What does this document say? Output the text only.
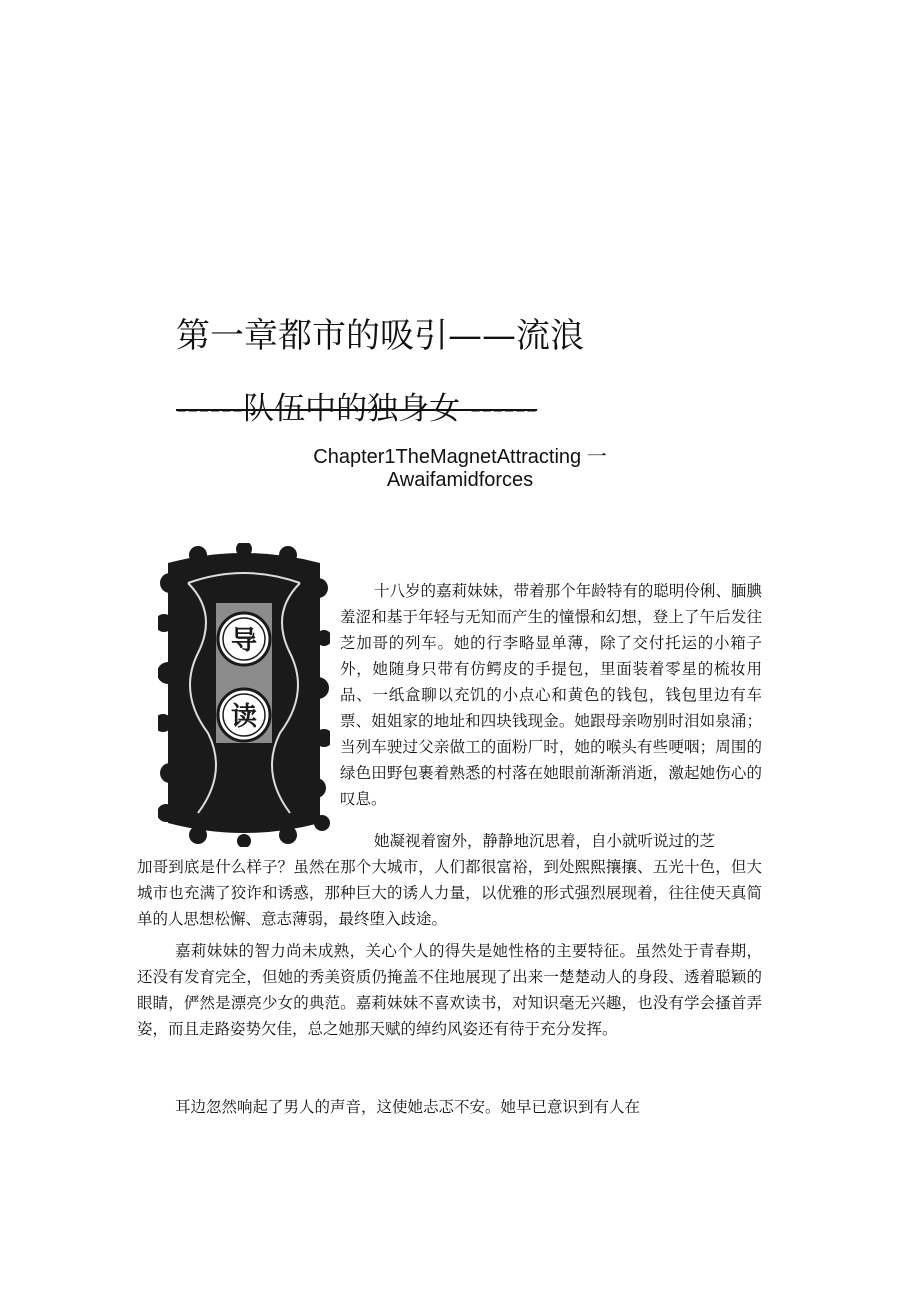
第一章都市的吸引——流浪
------队伍中的独身女 ------
Chapter1TheMagnetAttracting 一
Awaifamidforces
导
读
十八岁的嘉莉妹妹，带着那个年龄特有的聪明伶俐、腼腆羞涩和基于年轻与无知而产生的憧憬和幻想，登上了午后发往芝加哥的列车。她的行李略显单薄，除了交付托运的小箱子外，她随身只带有仿鳄皮的手提包，里面装着零星的梳妆用品、一纸盒聊以充饥的小点心和黄色的钱包，钱包里边有车票、姐姐家的地址和四块钱现金。她跟母亲吻别时泪如泉涌；当列车驶过父亲做工的面粉厂时，她的喉头有些哽咽；周围的绿色田野包裹着熟悉的村落在她眼前渐渐消逝，激起她伤心的叹息。
她凝视着窗外，静静地沉思着，自小就听说过的芝
加哥到底是什么样子？虽然在那个大城市，人们都很富裕，到处熙熙攘攘、五光十色，但大城市也充满了狡诈和诱惑，那种巨大的诱人力量，以优雅的形式强烈展现着，往往使天真简单的人思想松懈、意志薄弱，最终堕入歧途。
嘉莉妹妹的智力尚未成熟，关心个人的得失是她性格的主要特征。虽然处于青春期，还没有发育完全，但她的秀美资质仍掩盖不住地展现了出来一楚楚动人的身段、透着聪颖的眼睛，俨然是漂亮少女的典范。嘉莉妹妹不喜欢读书，对知识毫无兴趣，也没有学会搔首弄姿，而且走路姿势欠佳，总之她那天赋的绰约风姿还有待于充分发挥。
耳边忽然响起了男人的声音，这使她忐忑不安。她早已意识到有人在
